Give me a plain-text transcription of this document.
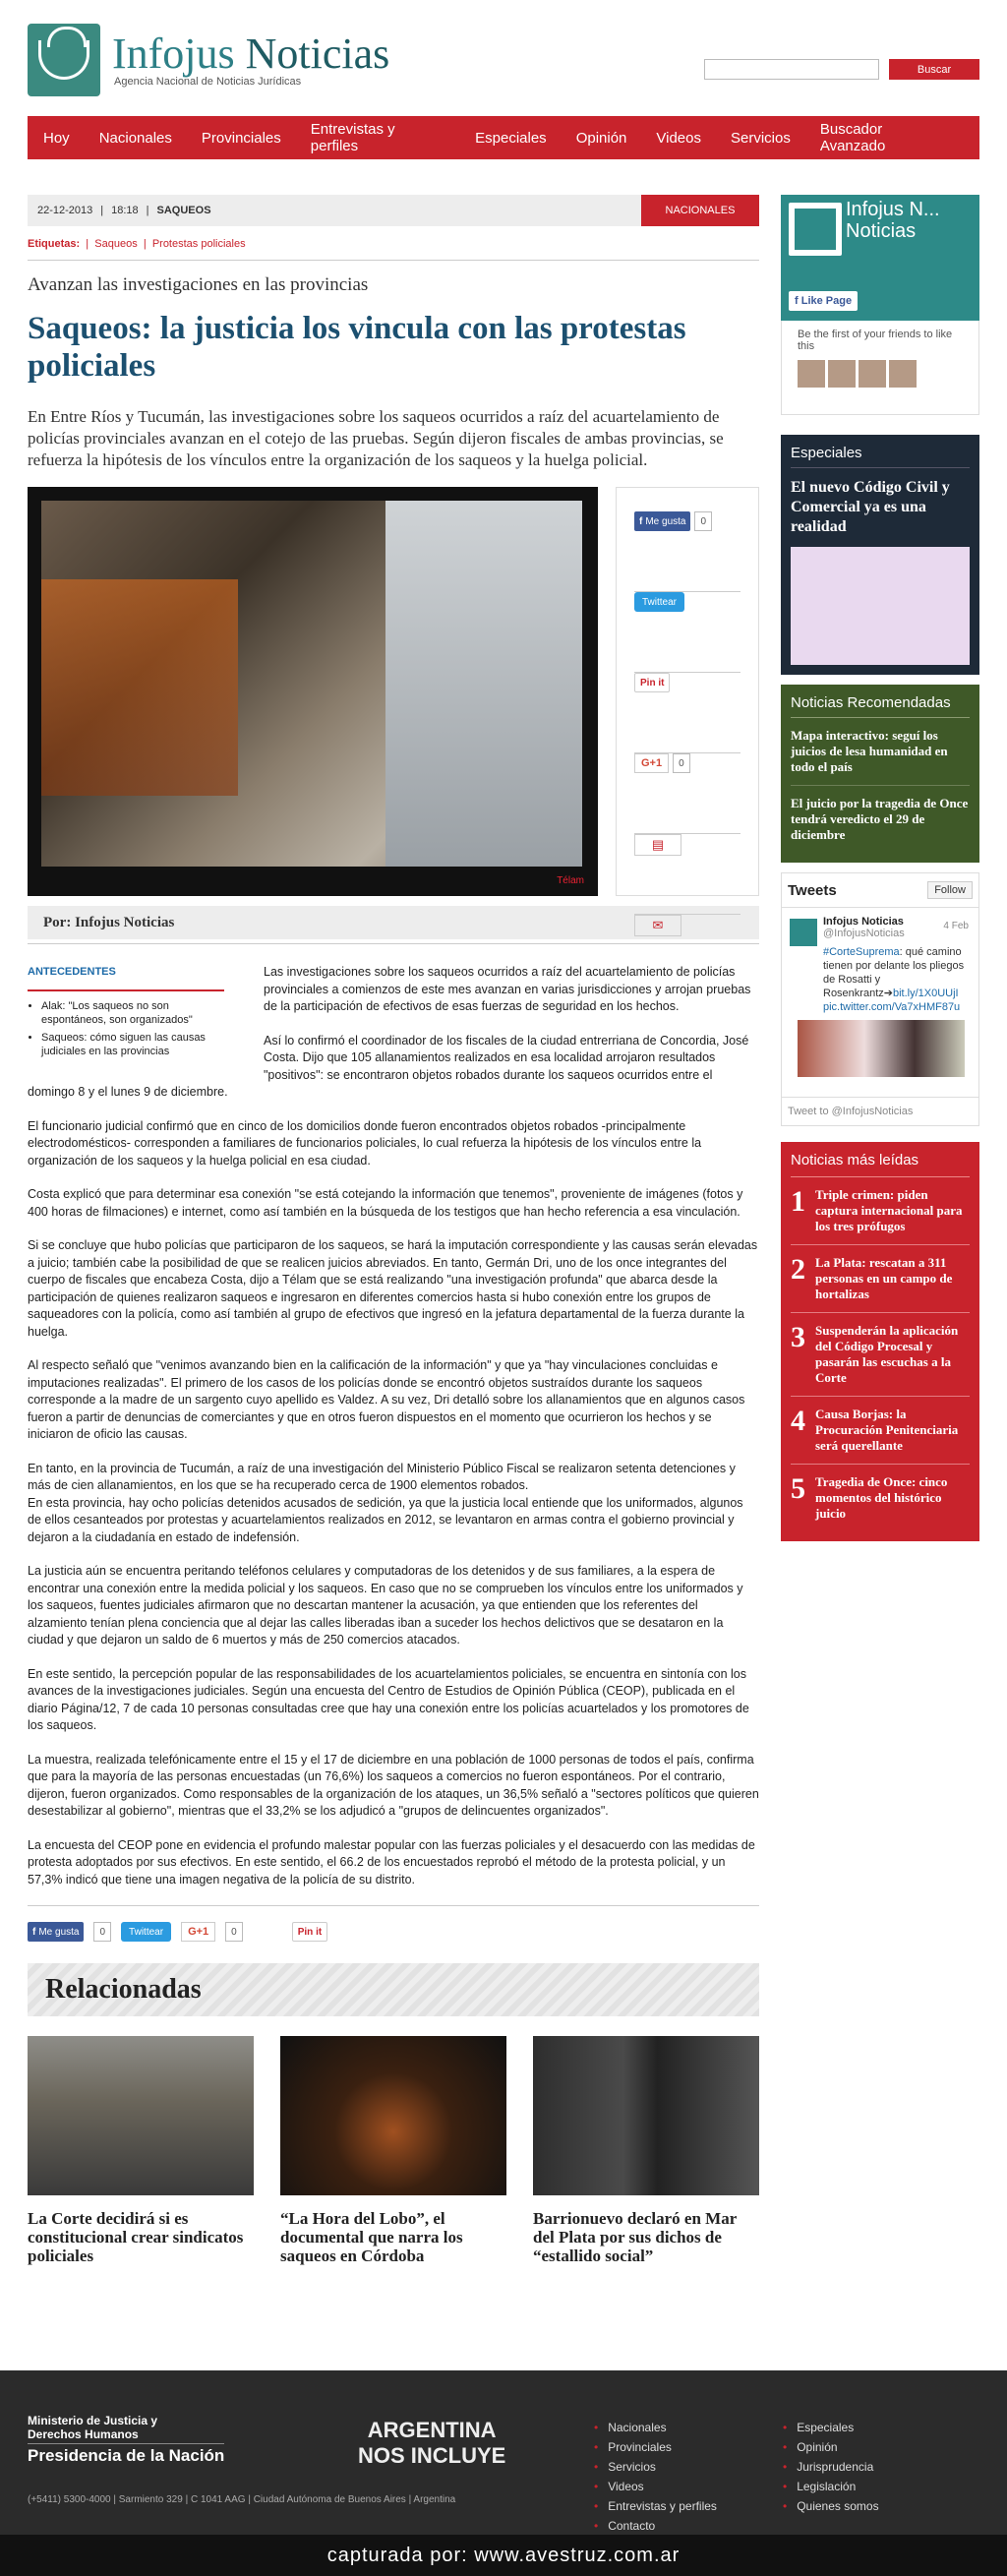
Infojus Noticias
Agencia Nacional de Noticias Jurídicas
Buscar
Hoy Nacionales Provinciales Entrevistas y perfiles	Especiales Opinión Videos Servicios Buscador Avanzado
22-12-2013 | 18:18 | SAQUEOS	NACIONALES
Etiquetas:  |  Saqueos  |  Protestas policiales
Avanzan las investigaciones en las provincias
Saqueos: la justicia los vincula con las protestas policiales
En Entre Ríos y Tucumán, las investigaciones sobre los saqueos ocurridos a raíz del acuartelamiento de policías provinciales avanzan en el cotejo de las pruebas. Según dijeron fiscales de ambas provincias, se refuerza la hipótesis de los vínculos entre la organización de los saqueos y la huelga policial.
Télam
f Me gusta	0
Twittear
Pin it
G+1	0
▤
✉
Por: Infojus Noticias
ANTECEDENTES
• Alak: "Los saqueos no son espontáneos, son organizados"
• Saqueos: cómo siguen las causas judiciales en las provincias

Las investigaciones sobre los saqueos ocurridos a raíz del acuartelamiento de policías provinciales a comienzos de este mes avanzan en varias jurisdicciones y arrojan pruebas de la participación de efectivos de esas fuerzas de seguridad en los hechos.

Así lo confirmó el coordinador de los fiscales de la ciudad entrerriana de Concordia, José Costa. Dijo que 105 allanamientos realizados en esa localidad arrojaron resultados "positivos": se encontraron objetos robados durante los saqueos ocurridos entre el domingo 8 y el lunes 9 de diciembre.

El funcionario judicial confirmó que en cinco de los domicilios donde fueron encontrados objetos robados -principalmente electrodomésticos- corresponden a familiares de funcionarios policiales, lo cual refuerza la hipótesis de los vínculos entre la organización de los saqueos y la huelga policial en esa ciudad.

Costa explicó que para determinar esa conexión "se está cotejando la información que tenemos", proveniente de imágenes (fotos y 400 horas de filmaciones) e internet, como así también en la búsqueda de los testigos que han hecho referencia a esa vinculación.

Si se concluye que hubo policías que participaron de los saqueos, se hará la imputación correspondiente y las causas serán elevadas a juicio; también cabe la posibilidad de que se realicen juicios abreviados. En tanto, Germán Dri, uno de los once integrantes del cuerpo de fiscales que encabeza Costa, dijo a Télam que se está realizando "una investigación profunda" que abarca desde la participación de quienes realizaron saqueos e ingresaron en diferentes comercios hasta si hubo conexión entre los grupos de saqueadores con la policía, como así también al grupo de efectivos que ingresó en la jefatura departamental de la fuerza durante la huelga.

Al respecto señaló que "venimos avanzando bien en la calificación de la información" y que ya "hay vinculaciones concluidas e imputaciones realizadas". El primero de los casos de los policías donde se encontró objetos sustraídos durante los saqueos corresponde a la madre de un sargento cuyo apellido es Valdez. A su vez, Dri detalló sobre los allanamientos que en algunos casos fueron a partir de denuncias de comerciantes y que en otros fueron dispuestos en el momento que ocurrieron los hechos y se iniciaron de oficio las causas.

En tanto, en la provincia de Tucumán, a raíz de una investigación del Ministerio Público Fiscal se realizaron setenta detenciones y más de cien allanamientos, en los que se ha recuperado cerca de 1900 elementos robados.
En esta provincia, hay ocho policías detenidos acusados de sedición, ya que la justicia local entiende que los uniformados, algunos de ellos cesanteados por protestas y acuartelamientos realizados en 2012, se levantaron en armas contra el gobierno provincial y dejaron a la ciudadanía en estado de indefensión.

La justicia aún se encuentra peritando teléfonos celulares y computadoras de los detenidos y de sus familiares, a la espera de encontrar una conexión entre la medida policial y los saqueos. En caso que no se comprueben los vínculos entre los uniformados y los saqueos, fuentes judiciales afirmaron que no descartan mantener la acusación, ya que entienden que los referentes del alzamiento tenían plena conciencia que al dejar las calles liberadas iban a suceder los hechos delictivos que se desataron en la ciudad y que dejaron un saldo de 6 muertos y más de 250 comercios atacados.

En este sentido, la percepción popular de las responsabilidades de los acuartelamientos policiales, se encuentra en sintonía con los avances de la investigaciones judiciales. Según una encuesta del Centro de Estudios de Opinión Pública (CEOP), publicada en el diario Página/12, 7 de cada 10 personas consultadas cree que hay una conexión entre los policías acuartelados y los promotores de los saqueos.

La muestra, realizada telefónicamente entre el 15 y el 17 de diciembre en una población de 1000 personas de todos el país, confirma que para la mayoría de las personas encuestadas (un 76,6%) los saqueos a comercios no fueron espontáneos. Por el contrario, dijeron, fueron organizados. Como responsables de la organización de los ataques, un 36,5% señaló a "sectores políticos que quieren desestabilizar al gobierno", mientras que el 33,2% se los adjudicó a "grupos de delincuentes organizados".

La encuesta del CEOP pone en evidencia el profundo malestar popular con las fuerzas policiales y el desacuerdo con las medidas de protesta adoptados por sus efectivos. En este sentido, el 66.2 de los encuestados reprobó el método de la protesta policial, y un 57,3% indicó que tiene una imagen negativa de la policía de su distrito.

f Me gusta	0	Twittear	G+1	0	Pin it
Relacionadas
La Corte decidirá si es constitucional crear sindicatos policiales
“La Hora del Lobo”, el documental que narra los saqueos en Córdoba
Barrionuevo declaró en Mar del Plata por sus dichos de “estallido social”
Infojus N... Noticias
f Like Page
Be the first of your friends to like this
Especiales
El nuevo Código Civil y Comercial ya es una realidad
Noticias Recomendadas
Mapa interactivo: seguí los juicios de lesa humanidad en todo el país
El juicio por la tragedia de Once tendrá veredicto el 29 de diciembre
Tweets	Follow
4 Feb
Infojus Noticias
@InfojusNoticias
#CorteSuprema: qué camino tienen por delante los pliegos de Rosatti y Rosenkrantz➔bit.ly/1X0UUjI pic.twitter.com/Va7xHMF87u
Tweet to @InfojusNoticias
Noticias más leídas
1 Triple crimen: piden captura internacional para los tres prófugos
2 La Plata: rescatan a 311 personas en un campo de hortalizas
3 Suspenderán la aplicación del Código Procesal y pasarán las escuchas a la Corte
4 Causa Borjas: la Procuración Penitenciaria será querellante
5 Tragedia de Once: cinco momentos del histórico juicio
Ministerio de Justicia y Derechos Humanos
Presidencia de la Nación
(+5411) 5300-4000 | Sarmiento 329 | C 1041 AAG | Ciudad Autónoma de Buenos Aires | Argentina
ARGENTINA
NOS INCLUYE
• Nacionales
• Provinciales
• Servicios
• Videos
• Entrevistas y perfiles
• Contacto
• Especiales
• Opinión
• Jurisprudencia
• Legislación
• Quienes somos
capturada por: www.avestruz.com.ar
